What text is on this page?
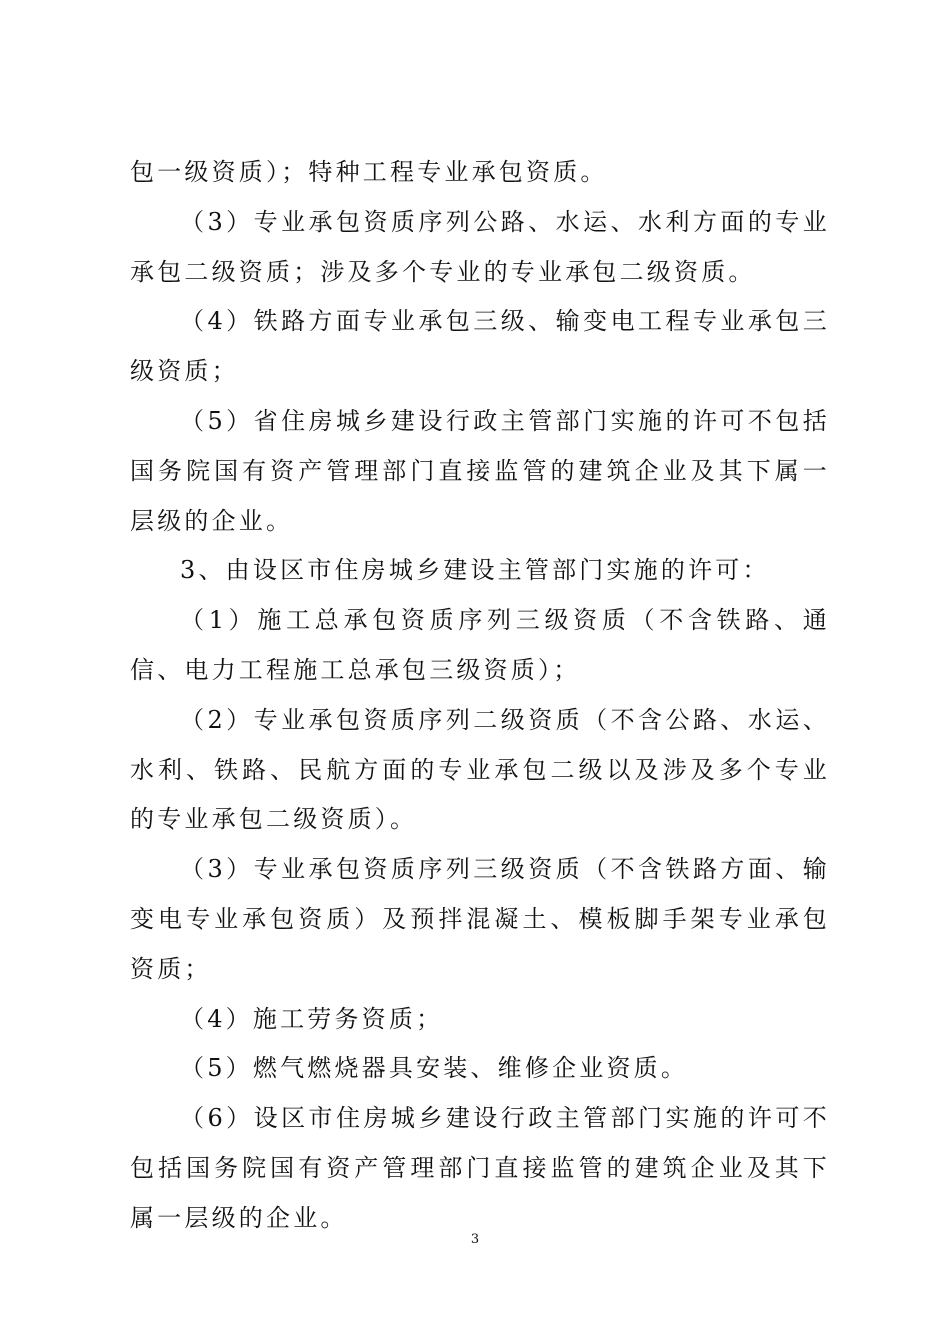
包一级资质）；特种工程专业承包资质。

（3）专业承包资质序列公路、水运、水利方面的专业承包二级资质；涉及多个专业的专业承包二级资质。

（4）铁路方面专业承包三级、输变电工程专业承包三级资质；

（5）省住房城乡建设行政主管部门实施的许可不包括国务院国有资产管理部门直接监管的建筑企业及其下属一层级的企业。

3、由设区市住房城乡建设主管部门实施的许可：

（1）施工总承包资质序列三级资质（不含铁路、通信、电力工程施工总承包三级资质）；

（2）专业承包资质序列二级资质（不含公路、水运、水利、铁路、民航方面的专业承包二级以及涉及多个专业的专业承包二级资质）。

（3）专业承包资质序列三级资质（不含铁路方面、输变电专业承包资质）及预拌混凝土、模板脚手架专业承包资质；

（4）施工劳务资质；

（5）燃气燃烧器具安装、维修企业资质。

（6）设区市住房城乡建设行政主管部门实施的许可不包括国务院国有资产管理部门直接监管的建筑企业及其下属一层级的企业。

3
